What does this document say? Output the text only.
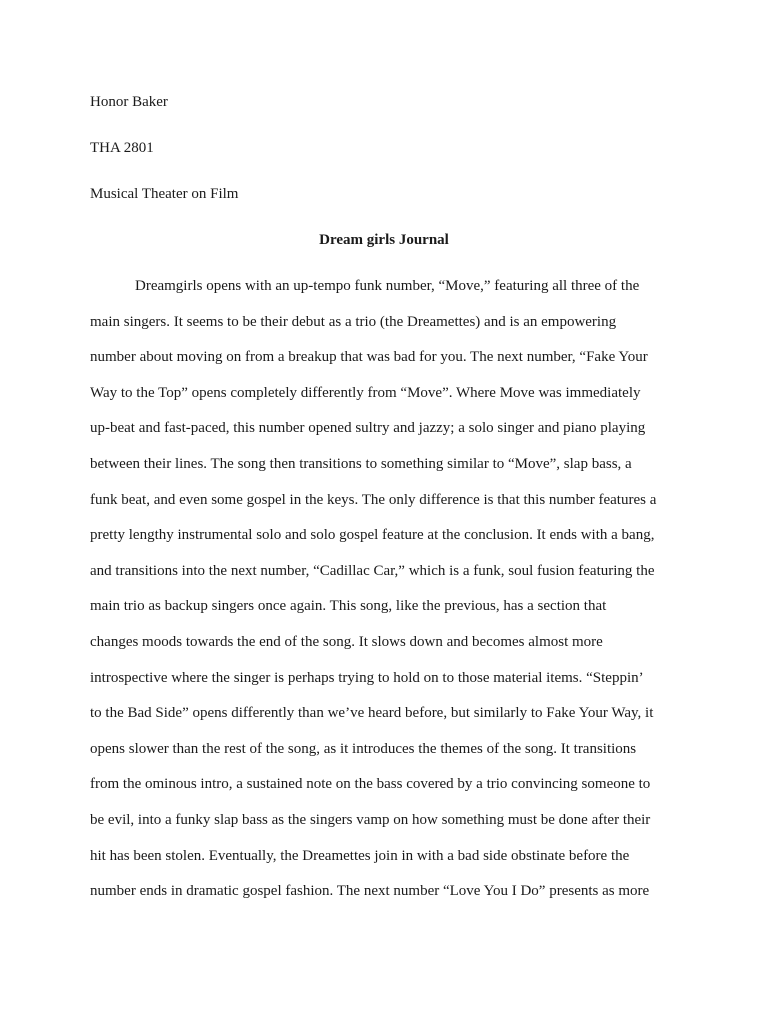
Honor Baker
THA 2801
Musical Theater on Film
Dream girls Journal
Dreamgirls opens with an up-tempo funk number, “Move,” featuring all three of the
main singers. It seems to be their debut as a trio (the Dreamettes) and is an empowering
number about moving on from a breakup that was bad for you. The next number, “Fake Your
Way to the Top” opens completely differently from “Move”. Where Move was immediately
up-beat and fast-paced, this number opened sultry and jazzy; a solo singer and piano playing
between their lines. The song then transitions to something similar to “Move”, slap bass, a
funk beat, and even some gospel in the keys. The only difference is that this number features a
pretty lengthy instrumental solo and solo gospel feature at the conclusion. It ends with a bang,
and transitions into the next number, “Cadillac Car,” which is a funk, soul fusion featuring the
main trio as backup singers once again. This song, like the previous, has a section that
changes moods towards the end of the song. It slows down and becomes almost more
introspective where the singer is perhaps trying to hold on to those material items. “Steppin’
to the Bad Side” opens differently than we’ve heard before, but similarly to Fake Your Way, it
opens slower than the rest of the song, as it introduces the themes of the song. It transitions
from the ominous intro, a sustained note on the bass covered by a trio convincing someone to
be evil, into a funky slap bass as the singers vamp on how something must be done after their
hit has been stolen. Eventually, the Dreamettes join in with a bad side obstinate before the
number ends in dramatic gospel fashion. The next number “Love You I Do” presents as more
